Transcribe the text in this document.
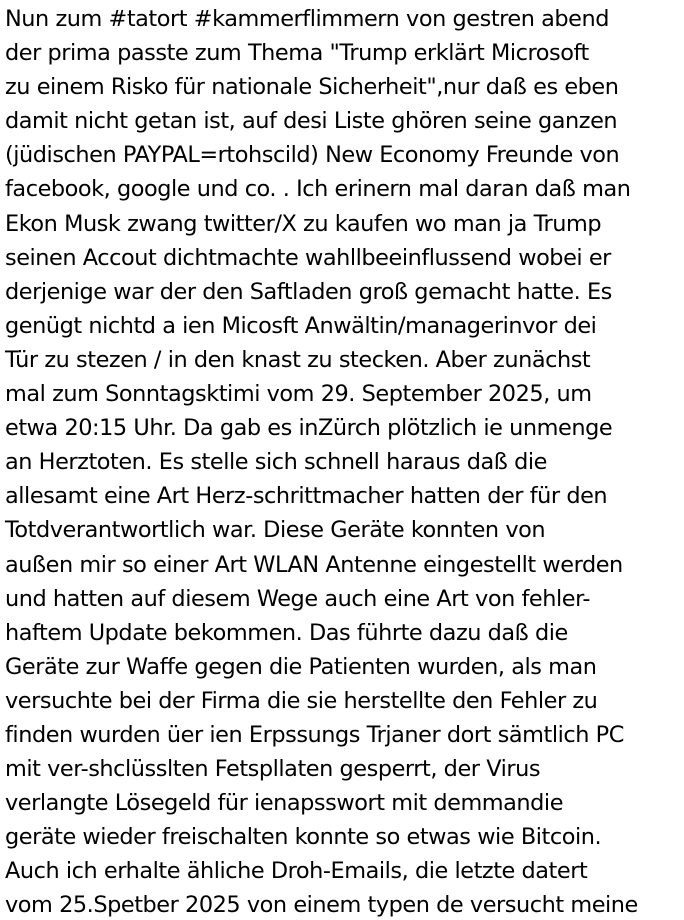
Nun zum #tatort #kammerflimmern von gestren abend
der prima passte zum Thema "Trump erklärt Microsoft
zu einem Risko für nationale Sicherheit",nur daß es eben
damit nicht getan ist, auf desi Liste ghören seine ganzen
(jüdischen PAYPAL=rtohscild) New Economy Freunde von
facebook, google und co. . Ich erinern mal daran daß man
Ekon Musk zwang twitter/X zu kaufen wo man ja Trump
seinen Accout dichtmachte wahllbeeinflussend wobei er
derjenige war der den Saftladen groß gemacht hatte. Es
genügt nichtd a ien Micosft Anwältin/managerinvor dei
Tür zu stezen / in den knast zu stecken. Aber zunächst
mal zum Sonntagsktimi vom 29. September 2025, um
etwa 20:15 Uhr. Da gab es inZürch plötzlich ie unmenge
an Herztoten. Es stelle sich schnell haraus daß die
allesamt eine Art Herz-schrittmacher hatten der für den
Totdverantwortlich war. Diese Geräte konnten von
außen mir so einer Art WLAN Antenne eingestellt werden
und hatten auf diesem Wege auch eine Art von fehler-
haftem Update bekommen. Das führte dazu daß die
Geräte zur Waffe gegen die Patienten wurden, als man
versuchte bei der Firma die sie herstellte den Fehler zu
finden wurden üer ien Erpssungs Trjaner dort sämtlich PC
mit ver-shclüsslten Fetspllaten gesperrt, der Virus
verlangte Lösegeld für ienapsswort mit demmandie
geräte wieder freischalten konnte so etwas wie Bitcoin.
Auch ich erhalte ähliche Droh-Emails, die letzte datert
vom 25.Spetber 2025 von einem typen de versucht meine
